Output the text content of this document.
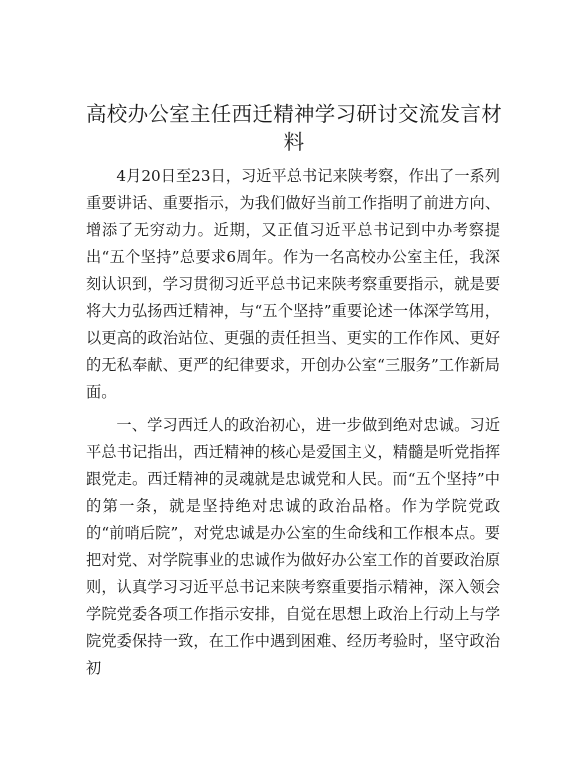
高校办公室主任西迁精神学习研讨交流发言材料

4月20日至23日，习近平总书记来陕考察，作出了一系列重要讲话、重要指示，为我们做好当前工作指明了前进方向、增添了无穷动力。近期，又正值习近平总书记到中办考察提出“五个坚持”总要求6周年。作为一名高校办公室主任，我深刻认识到，学习贯彻习近平总书记来陕考察重要指示，就是要将大力弘扬西迁精神，与“五个坚持”重要论述一体深学笃用，以更高的政治站位、更强的责任担当、更实的工作作风、更好的无私奉献、更严的纪律要求，开创办公室“三服务”工作新局面。

一、学习西迁人的政治初心，进一步做到绝对忠诚。习近平总书记指出，西迁精神的核心是爱国主义，精髓是听党指挥跟党走。西迁精神的灵魂就是忠诚党和人民。而“五个坚持”中的第一条，就是坚持绝对忠诚的政治品格。作为学院党政的“前哨后院”，对党忠诚是办公室的生命线和工作根本点。要把对党、对学院事业的忠诚作为做好办公室工作的首要政治原则，认真学习习近平总书记来陕考察重要指示精神，深入领会学院党委各项工作指示安排，自觉在思想上政治上行动上与学院党委保持一致，在工作中遇到困难、经历考验时，坚守政治初
